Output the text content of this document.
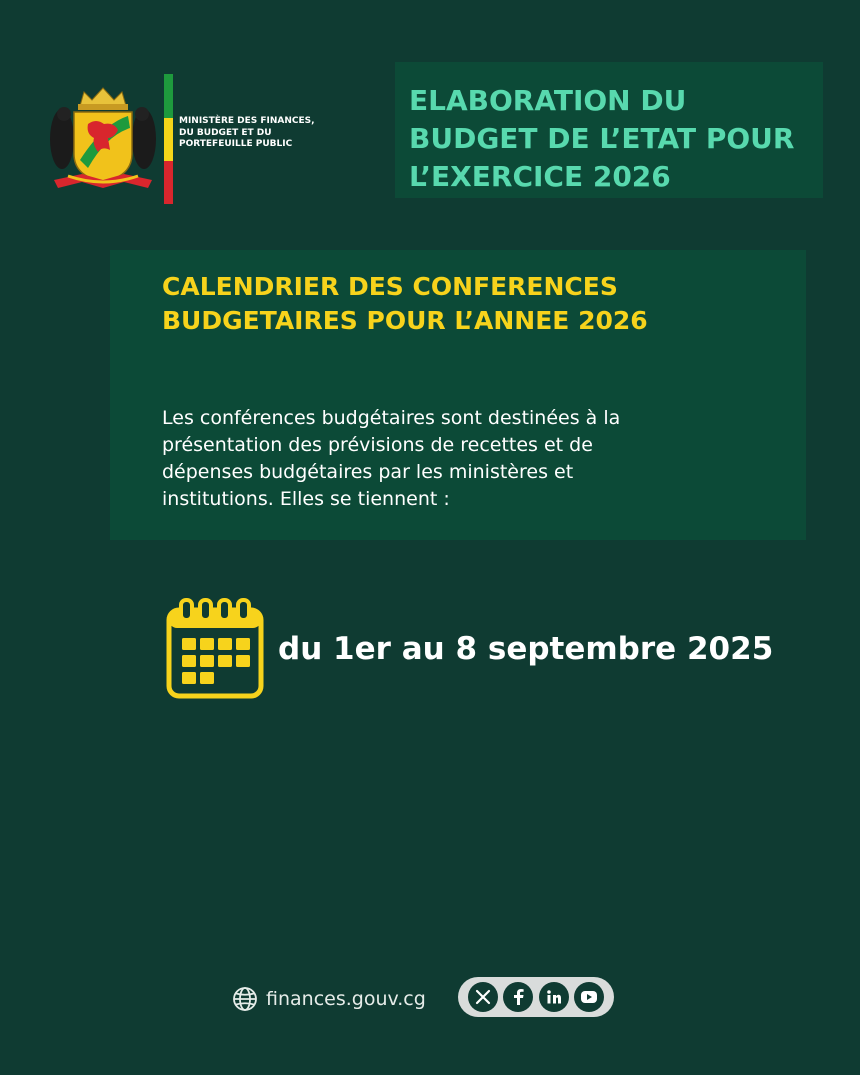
MINISTÈRE DES FINANCES,
DU BUDGET ET DU
PORTEFEUILLE PUBLIC
ELABORATION DU
BUDGET DE L’ETAT POUR
L’EXERCICE 2026
CALENDRIER DES CONFERENCES
BUDGETAIRES POUR L’ANNEE 2026
Les conférences budgétaires sont destinées à la
présentation des prévisions de recettes et de
dépenses budgétaires par les ministères et
institutions. Elles se tiennent :
du 1er au 8 septembre 2025
finances.gouv.cg
